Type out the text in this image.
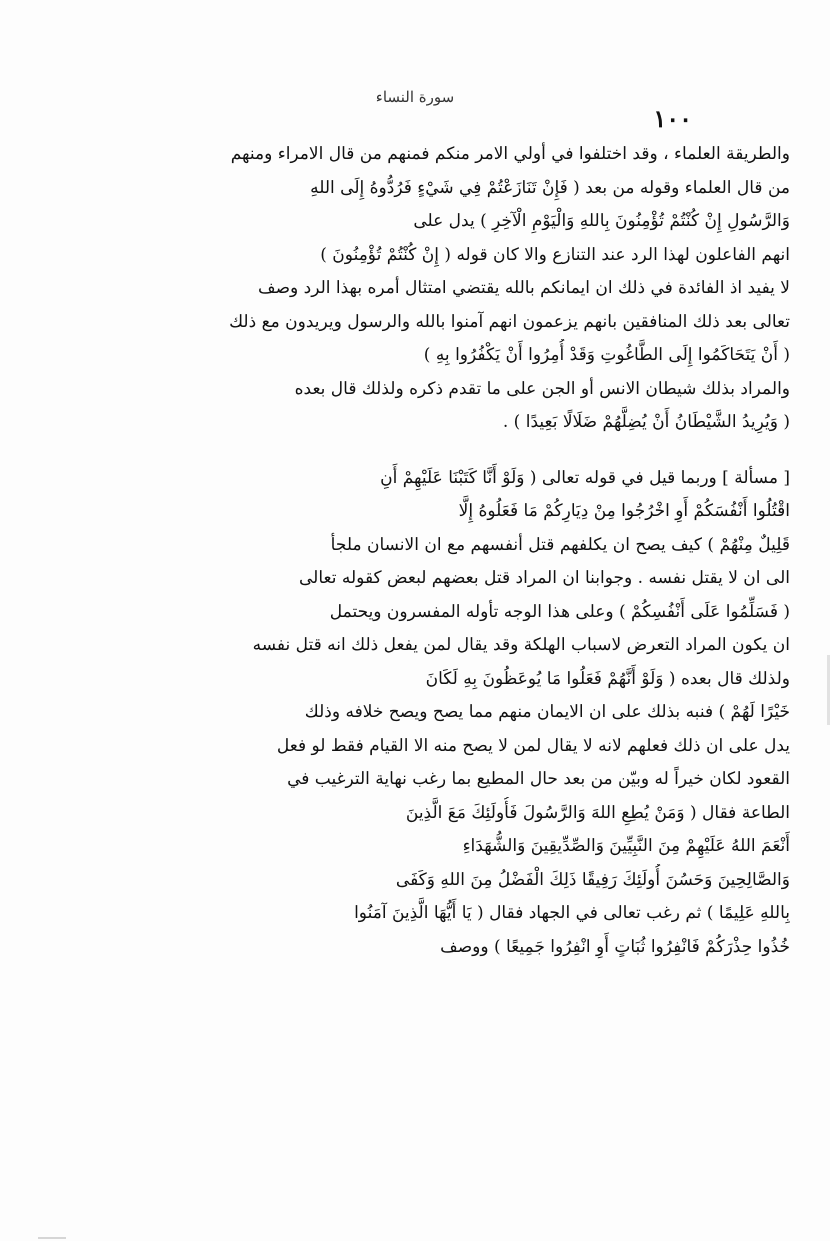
سورة النساء
١٠٠
والطريقة العلماء ، وقد اختلفوا في أولي الامر منكم فمنهم من قال الامراء ومنهم
من قال العلماء وقوله من بعد ( فَإِنْ تَنَازَعْتُمْ فِي شَيْءٍ فَرُدُّوهُ إِلَى اللهِ
وَالرَّسُولِ إِنْ كُنْتُمْ تُؤْمِنُونَ بِاللهِ وَالْيَوْمِ الْآخِرِ ) يدل على
انهم الفاعلون لهذا الرد عند التنازع والا كان قوله ( إِنْ كُنْتُمْ تُؤْمِنُونَ )
لا يفيد اذ الفائدة في ذلك ان ايمانكم بالله يقتضي امتثال أمره بهذا الرد وصف
تعالى بعد ذلك المنافقين بانهم يزعمون انهم آمنوا بالله والرسول ويريدون مع ذلك
( أَنْ يَتَحَاكَمُوا إِلَى الطَّاغُوتِ وَقَدْ أُمِرُوا أَنْ يَكْفُرُوا بِهِ )
والمراد بذلك شيطان الانس أو الجن على ما تقدم ذكره ولذلك قال بعده
( وَيُرِيدُ الشَّيْطَانُ أَنْ يُضِلَّهُمْ ضَلَالًا بَعِيدًا ) .
[ مسألة ] وربما قيل في قوله تعالى ( وَلَوْ أَنَّا كَتَبْنَا عَلَيْهِمْ أَنِ
اقْتُلُوا أَنْفُسَكُمْ أَوِ اخْرُجُوا مِنْ دِيَارِكُمْ مَا فَعَلُوهُ إِلَّا
قَلِيلٌ مِنْهُمْ ) كيف يصح ان يكلفهم قتل أنفسهم مع ان الانسان ملجأ
الى ان لا يقتل نفسه . وجوابنا ان المراد قتل بعضهم لبعض كقوله تعالى
( فَسَلِّمُوا عَلَى أَنْفُسِكُمْ ) وعلى هذا الوجه تأوله المفسرون ويحتمل
ان يكون المراد التعرض لاسباب الهلكة وقد يقال لمن يفعل ذلك انه قتل نفسه
ولذلك قال بعده ( وَلَوْ أَنَّهُمْ فَعَلُوا مَا يُوعَظُونَ بِهِ لَكَانَ
خَيْرًا لَهُمْ ) فنبه بذلك على ان الايمان منهم مما يصح ويصح خلافه وذلك
يدل على ان ذلك فعلهم لانه لا يقال لمن لا يصح منه الا القيام فقط لو فعل
القعود لكان خيراً له وبيّن من بعد حال المطيع بما رغب نهاية الترغيب في
الطاعة فقال ( وَمَنْ يُطِعِ اللهَ وَالرَّسُولَ فَأُولَئِكَ مَعَ الَّذِينَ
أَنْعَمَ اللهُ عَلَيْهِمْ مِنَ النَّبِيِّينَ وَالصِّدِّيقِينَ وَالشُّهَدَاءِ
وَالصَّالِحِينَ وَحَسُنَ أُولَئِكَ رَفِيقًا ذَلِكَ الْفَضْلُ مِنَ اللهِ وَكَفَى
بِاللهِ عَلِيمًا ) ثم رغب تعالى في الجهاد فقال ( يَا أَيُّهَا الَّذِينَ آمَنُوا
خُذُوا حِذْرَكُمْ فَانْفِرُوا ثُبَاتٍ أَوِ انْفِرُوا جَمِيعًا ) ووصف
